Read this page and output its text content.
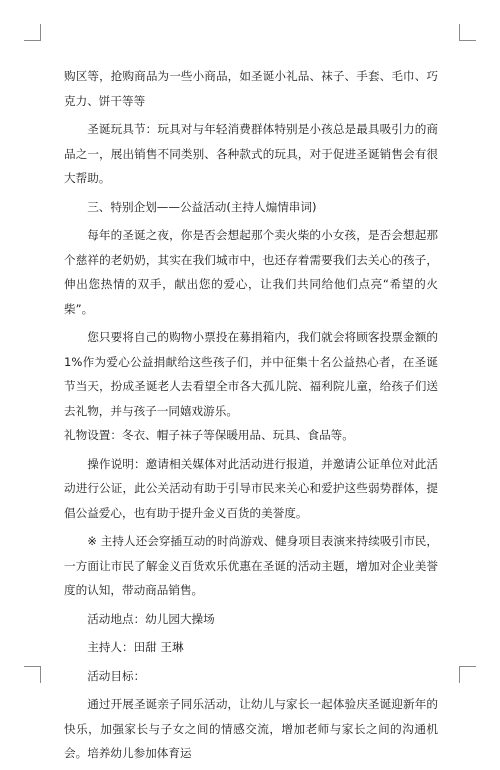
购区等，抢购商品为一些小商品，如圣诞小礼品、袜子、手套、毛巾、巧克力、饼干等等

圣诞玩具节：玩具对与年轻消费群体特别是小孩总是最具吸引力的商品之一，展出销售不同类别、各种款式的玩具，对于促进圣诞销售会有很大帮助。

三、特别企划——公益活动(主持人煽情串词)

每年的圣诞之夜，你是否会想起那个卖火柴的小女孩，是否会想起那个慈祥的老奶奶，其实在我们城市中，也还存着需要我们去关心的孩子，伸出您热情的双手，献出您的爱心，让我们共同给他们点亮“希望的火柴”。

您只要将自己的购物小票投在募捐箱内，我们就会将顾客投票金额的1%作为爱心公益捐献给这些孩子们，并中征集十名公益热心者，在圣诞节当天，扮成圣诞老人去看望全市各大孤儿院、福利院儿童，给孩子们送去礼物，并与孩子一同嬉戏游乐。

礼物设置：冬衣、帽子袜子等保暖用品、玩具、食品等。

操作说明：邀请相关媒体对此活动进行报道，并邀请公证单位对此活动进行公证，此公关活动有助于引导市民来关心和爱护这些弱势群体，提倡公益爱心，也有助于提升金义百货的美誉度。

※ 主持人还会穿插互动的时尚游戏、健身项目表演来持续吸引市民，一方面让市民了解金义百货欢乐优惠在圣诞的活动主题，增加对企业美誉度的认知，带动商品销售。

活动地点：幼儿园大操场

主持人：田甜 王琳

活动目标：

通过开展圣诞亲子同乐活动，让幼儿与家长一起体验庆圣诞迎新年的快乐，加强家长与子女之间的情感交流，增加老师与家长之间的沟通机会。培养幼儿参加体育运
